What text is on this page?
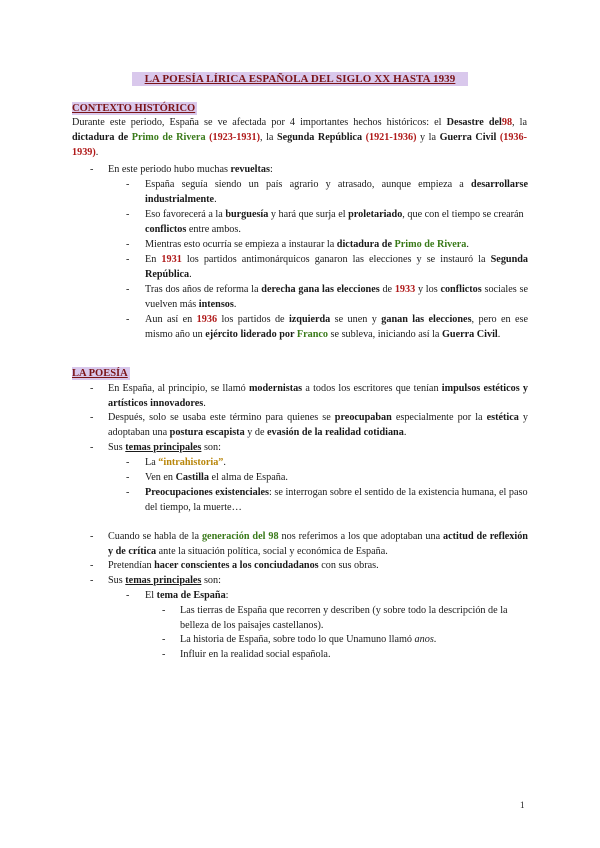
LA POESÍA LÍRICA ESPAÑOLA DEL SIGLO XX HASTA 1939
CONTEXTO HISTÓRICO
Durante este periodo, España se ve afectada por 4 importantes hechos históricos: el Desastre del98, la dictadura de Primo de Rivera (1923-1931), la Segunda República (1921-1936) y la Guerra Civil (1936-1939).
- En este periodo hubo muchas revueltas:
- España seguía siendo un país agrario y atrasado, aunque empieza a desarrollarse industrialmente.
- Eso favorecerá a la burguesía y hará que surja el proletariado, que con el tiempo se crearán conflictos entre ambos.
- Mientras esto ocurría se empieza a instaurar la dictadura de Primo de Rivera.
- En 1931 los partidos antimonárquicos ganaron las elecciones y se instauró la Segunda República.
- Tras dos años de reforma la derecha gana las elecciones de 1933 y los conflictos sociales se vuelven más intensos.
- Aun así en 1936 los partidos de izquierda se unen y ganan las elecciones, pero en ese mismo año un ejército liderado por Franco se subleva, iniciando así la Guerra Civil.
LA POESÍA
- En España, al principio, se llamó modernistas a todos los escritores que tenían impulsos estéticos y artísticos innovadores.
- Después, solo se usaba este término para quienes se preocupaban especialmente por la estética y adoptaban una postura escapista y de evasión de la realidad cotidiana.
- Sus temas principales son:
- La “intrahistoria”.
- Ven en Castilla el alma de España.
- Preocupaciones existenciales: se interrogan sobre el sentido de la existencia humana, el paso del tiempo, la muerte…
- Cuando se habla de la generación del 98 nos referimos a los que adoptaban una actitud de reflexión y de crítica ante la situación política, social y económica de España.
- Pretendían hacer conscientes a los conciudadanos con sus obras.
- Sus temas principales son:
- El tema de España:
- Las tierras de España que recorren y describen (y sobre todo la descripción de la belleza de los paisajes castellanos).
- La historia de España, sobre todo lo que Unamuno llamó anos.
- Influir en la realidad social española.
1
